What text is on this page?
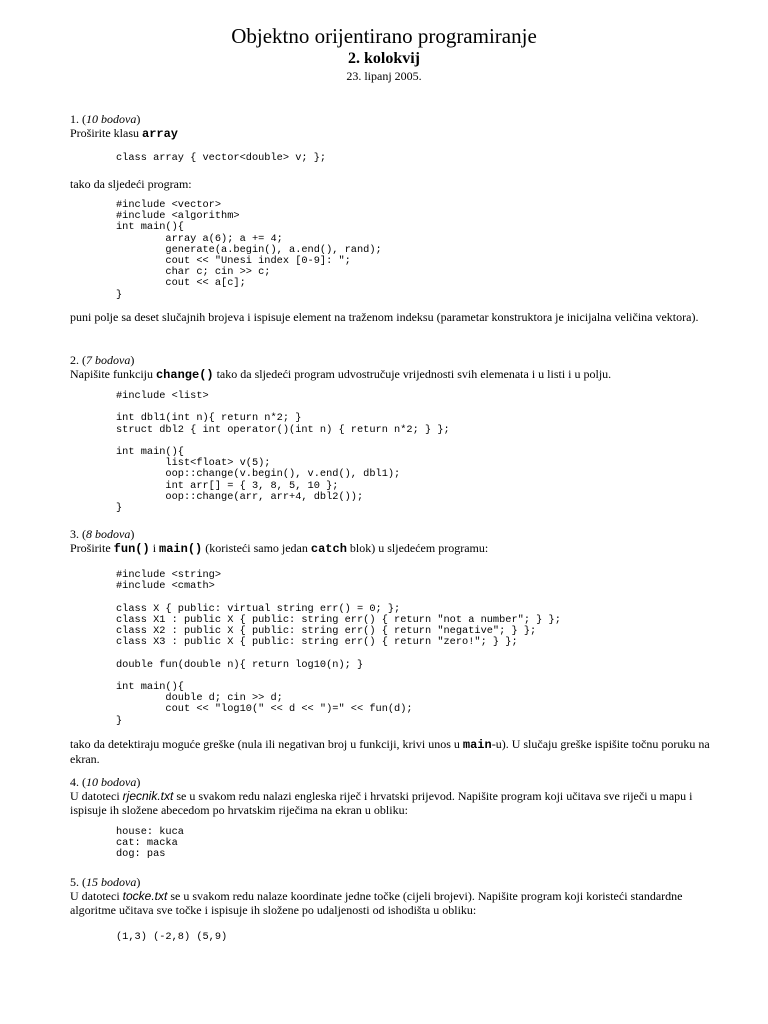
Objektno orijentirano programiranje
2. kolokvij
23. lipanj 2005.
1. (10 bodova)
Proširite klasu array
class array { vector<double> v; };
tako da sljedeći program:
#include <vector>
#include <algorithm>
int main(){
array a(6); a += 4;
generate(a.begin(), a.end(), rand);
cout << "Unesi index [0-9]: ";
char c; cin >> c;
cout << a[c];
}
puni polje sa deset slučajnih brojeva i ispisuje element na traženom indeksu (parametar konstruktora je inicijalna veličina vektora).
2. (7 bodova)
Napišite funkciju change() tako da sljedeći program udvostručuje vrijednosti svih elemenata i u listi i u polju.
#include <list>

int dbl1(int n){ return n*2; }
struct dbl2 { int operator()(int n) { return n*2; } };

int main(){
list<float> v(5);
oop::change(v.begin(), v.end(), dbl1);
int arr[] = { 3, 8, 5, 10 };
oop::change(arr, arr+4, dbl2());
}
3. (8 bodova)
Proširite fun() i main() (koristeći samo jedan catch blok) u sljedećem programu:
#include <string>
#include <cmath>

class X { public: virtual string err() = 0; };
class X1 : public X { public: string err() { return "not a number"; } };
class X2 : public X { public: string err() { return "negative"; } };
class X3 : public X { public: string err() { return "zero!"; } };

double fun(double n){ return log10(n); }

int main(){
double d; cin >> d;
cout << "log10(" << d << ")=" << fun(d);
}
tako da detektiraju moguće greške (nula ili negativan broj u funkciji, krivi unos u main-u). U slučaju greške ispišite točnu poruku na ekran.
4. (10 bodova)
U datoteci rjecnik.txt se u svakom redu nalazi engleska riječ i hrvatski prijevod. Napišite program koji učitava sve riječi u mapu i ispisuje ih složene abecedom po hrvatskim riječima na ekran u obliku:
house: kuca
cat: macka
dog: pas
5. (15 bodova)
U datoteci tocke.txt se u svakom redu nalaze koordinate jedne točke (cijeli brojevi). Napišite program koji koristeći standardne algoritme učitava sve točke i ispisuje ih složene po udaljenosti od ishodišta u obliku:
(1,3) (-2,8) (5,9)
